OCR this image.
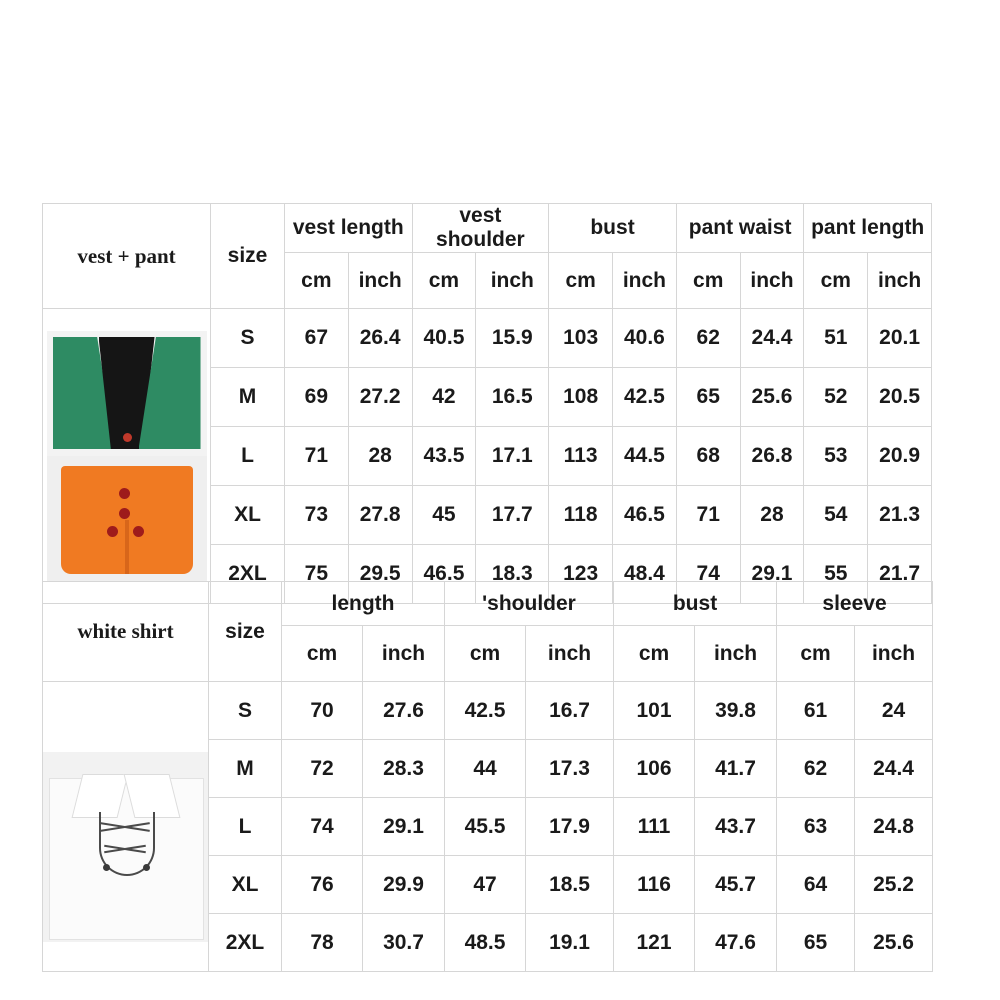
vest + pant	size	vest length		vest shoulder		bust		pant waist		pant length	
		cm	inch	cm	inch	cm	inch	cm	inch	cm	inch

	S	67	26.4	40.5	15.9	103	40.6	62	24.4	51	20.1
	M	69	27.2	42	16.5	108	42.5	65	25.6	52	20.5
	L	71	28	43.5	17.1	113	44.5	68	26.8	53	20.9
	XL	73	27.8	45	17.7	118	46.5	71	28	54	21.3
	2XL	75	29.5	46.5	18.3	123	48.4	74	29.1	55	21.7
white shirt	size	length		'shoulder		bust		sleeve	
		cm	inch	cm	inch	cm	inch	cm	inch

	S	70	27.6	42.5	16.7	101	39.8	61	24
	M	72	28.3	44	17.3	106	41.7	62	24.4
	L	74	29.1	45.5	17.9	111	43.7	63	24.8
	XL	76	29.9	47	18.5	116	45.7	64	25.2
	2XL	78	30.7	48.5	19.1	121	47.6	65	25.6
